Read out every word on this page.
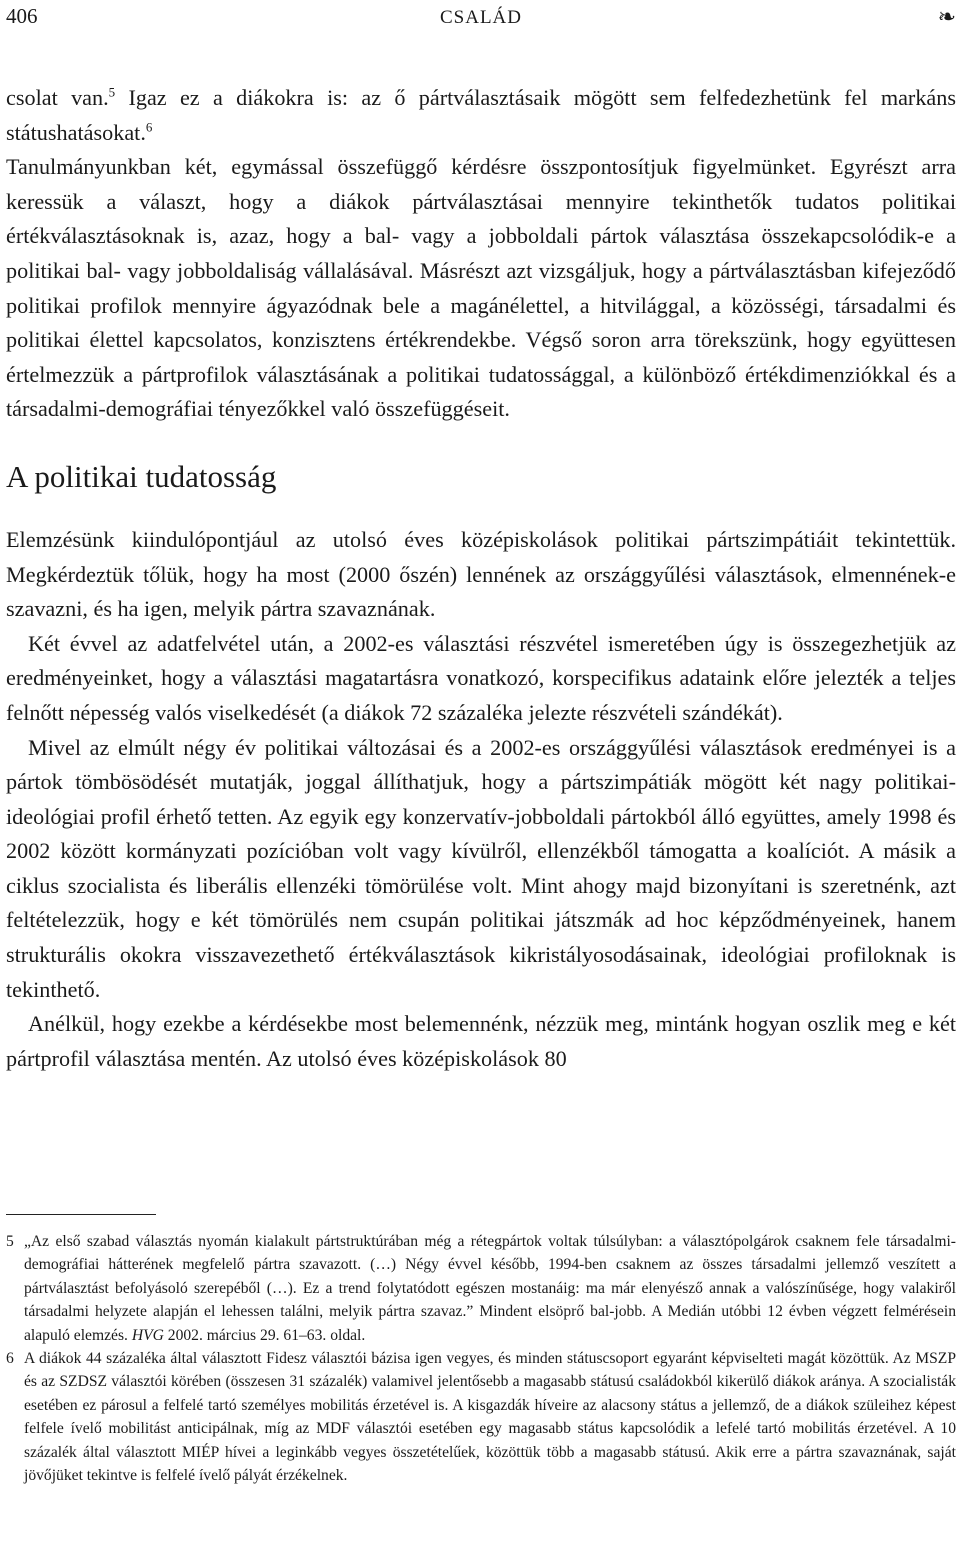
406	CSALÁD	❧

csolat van.$^5$ Igaz ez a diákokra is: az ő pártválasztásaik mögött sem felfedezhetünk fel markáns státushatásokat.$^6$

Tanulmányunkban két, egymással összefüggő kérdésre összpontosítjuk figyelmünket. Egyrészt arra keressük a választ, hogy a diákok pártválasztásai mennyire tekinthetők tudatos politikai értékválasztásoknak is, azaz, hogy a bal- vagy a jobboldali pártok választása összekapcsolódik-e a politikai bal- vagy jobboldaliság vállalásával. Másrészt azt vizsgáljuk, hogy a pártválasztásban kifejeződő politikai profilok mennyire ágyazódnak bele a magánélettel, a hitvilággal, a közösségi, társadalmi és politikai élettel kapcsolatos, konzisztens értékrendekbe. Végső soron arra törekszünk, hogy együttesen értelmezzük a pártprofilok választásának a politikai tudatossággal, a különböző értékdimenziókkal és a társadalmi-demográfiai tényezőkkel való összefüggéseit.

A politikai tudatosság

Elemzésünk kiindulópontjául az utolsó éves középiskolások politikai pártszimpátiáit tekintettük. Megkérdeztük tőlük, hogy ha most (2000 őszén) lennének az országgyűlési választások, elmennének-e szavazni, és ha igen, melyik pártra szavaznának.

Két évvel az adatfelvétel után, a 2002-es választási részvétel ismeretében úgy is összegezhetjük az eredményeinket, hogy a választási magatartásra vonatkozó, korspecifikus adataink előre jelezték a teljes felnőtt népesség valós viselkedését (a diákok 72 százaléka jelezte részvételi szándékát).

Mivel az elmúlt négy év politikai változásai és a 2002-es országgyűlési választások eredményei is a pártok tömbösödését mutatják, joggal állíthatjuk, hogy a pártszimpátiák mögött két nagy politikai-ideológiai profil érhető tetten. Az egyik egy konzervatív-jobboldali pártokból álló együttes, amely 1998 és 2002 között kormányzati pozícióban volt vagy kívülről, ellenzékből támogatta a koalíciót. A másik a ciklus szocialista és liberális ellenzéki tömörülése volt. Mint ahogy majd bizonyítani is szeretnénk, azt feltételezzük, hogy e két tömörülés nem csupán politikai játszmák ad hoc képződményeinek, hanem strukturális okokra visszavezethető értékválasztások kikristályosodásainak, ideológiai profiloknak is tekinthető.

Anélkül, hogy ezekbe a kérdésekbe most belemennénk, nézzük meg, mintánk hogyan oszlik meg e két pártprofil választása mentén. Az utolsó éves középiskolások 80

5 „Az első szabad választás nyomán kialakult pártstruktúrában még a rétegpártok voltak túlsúlyban: a választópolgárok csaknem fele társadalmi-demográfiai hátterének megfelelő pártra szavazott. (…) Négy évvel később, 1994-ben csaknem az összes társadalmi jellemző veszített a pártválasztást befolyásoló szerepéből (…). Ez a trend folytatódott egészen mostanáig: ma már elenyésző annak a valószínűsége, hogy valakiről társadalmi helyzete alapján el lehessen találni, melyik pártra szavaz.” Mindent elsöprő bal-jobb. A Medián utóbbi 12 évben végzett felmérésein alapuló elemzés. HVG 2002. március 29. 61–63. oldal.

6 A diákok 44 százaléka által választott Fidesz választói bázisa igen vegyes, és minden státuscsoport egyaránt képviselteti magát közöttük. Az MSZP és az SZDSZ választói körében (összesen 31 százalék) valamivel jelentősebb a magasabb státusú családokból kikerülő diákok aránya. A szocialisták esetében ez párosul a felfelé tartó személyes mobilitás érzetével is. A kisgazdák híveire az alacsony státus a jellemző, de a diákok szüleihez képest felfele ívelő mobilitást anticipálnak, míg az MDF választói esetében egy magasabb státus kapcsolódik a lefelé tartó mobilitás érzetével. A 10 százalék által választott MIÉP hívei a leginkább vegyes összetételűek, közöttük több a magasabb státusú. Akik erre a pártra szavaznának, saját jövőjüket tekintve is felfelé ívelő pályát érzékelnek.
